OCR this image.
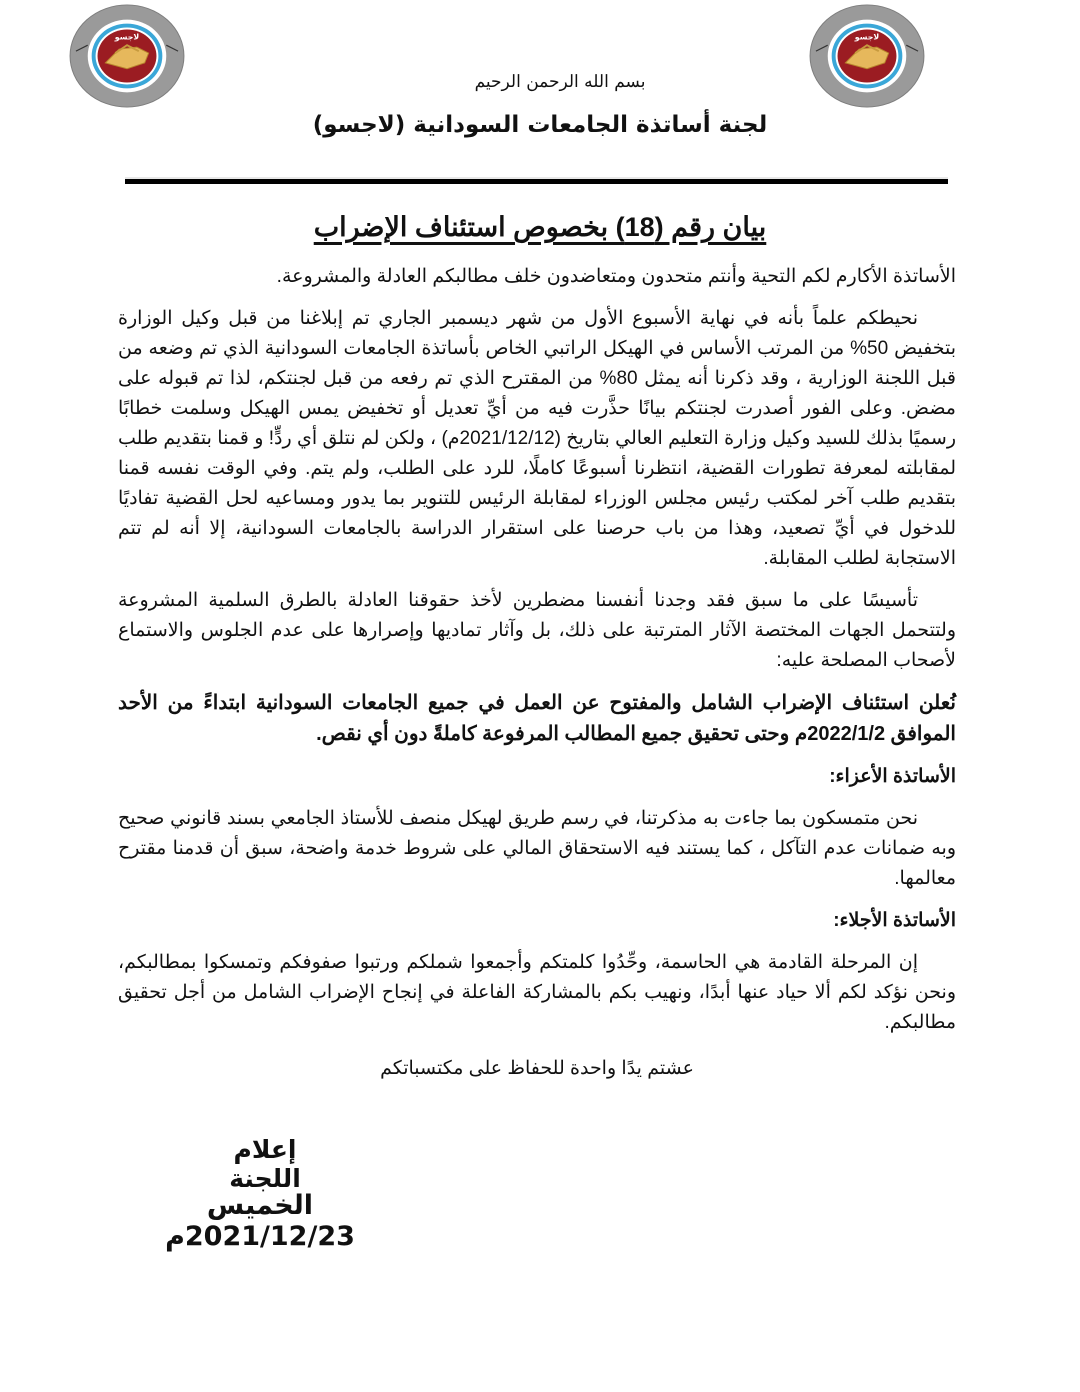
لاجسو	لاجسو
بسم الله الرحمن الرحيم
لجنة أساتذة الجامعات السودانية (لاجسو)
بيان رقم (18) بخصوص استئناف الإضراب

الأساتذة الأكارم لكم التحية وأنتم متحدون ومتعاضدون خلف مطالبكم العادلة والمشروعة.

نحيطكم علماً بأنه في نهاية الأسبوع الأول من شهر ديسمبر الجاري تم إبلاغنا من قبل وكيل الوزارة بتخفيض 50% من المرتب الأساس في الهيكل الراتبي الخاص بأساتذة الجامعات السودانية الذي تم وضعه من قبل اللجنة الوزارية ، وقد ذكرنا أنه يمثل 80% من المقترح الذي تم رفعه من قبل لجنتكم، لذا تم قبوله على مضض. وعلى الفور أصدرت لجنتكم بيانًا حذَّرت فيه من أيِّ تعديل أو تخفيض يمس الهيكل وسلمت خطابًا رسميًا بذلك للسيد وكيل وزارة التعليم العالي بتاريخ (2021/12/12م) ، ولكن لم نتلق أي ردٍّ! و قمنا بتقديم طلب لمقابلته لمعرفة تطورات القضية، انتظرنا أسبوعًا كاملًا، للرد على الطلب، ولم يتم. وفي الوقت نفسه قمنا بتقديم طلب آخر لمكتب رئيس مجلس الوزراء لمقابلة الرئيس للتنوير بما يدور ومساعيه لحل القضية تفاديًا للدخول في أيِّ تصعيد، وهذا من باب حرصنا على استقرار الدراسة بالجامعات السودانية، إلا أنه لم تتم الاستجابة لطلب المقابلة.

تأسيسًا على ما سبق فقد وجدنا أنفسنا مضطرين لأخذ حقوقنا العادلة بالطرق السلمية المشروعة ولتتحمل الجهات المختصة الآثار المترتبة على ذلك، بل وآثار تماديها وإصرارها على عدم الجلوس والاستماع لأصحاب المصلحة عليه:

نُعلن استئناف الإضراب الشامل والمفتوح عن العمل في جميع الجامعات السودانية ابتداءً من الأحد الموافق 2022/1/2م وحتى تحقيق جميع المطالب المرفوعة كاملةً دون أي نقص.

الأساتذة الأعزاء:

نحن متمسكون بما جاءت به مذكرتنا، في رسم طريق لهيكل منصف للأستاذ الجامعي بسند قانوني صحيح وبه ضمانات عدم التآكل ، كما يستند فيه الاستحقاق المالي على شروط خدمة واضحة، سبق أن قدمنا مقترح معالمها.

الأساتذة الأجلاء:

إن المرحلة القادمة هي الحاسمة، وحِّدُوا كلمتكم وأجمعوا شملكم ورتبوا صفوفكم وتمسكوا بمطالبكم، ونحن نؤكد لكم ألا حياد عنها أبدًا، ونهيب بكم بالمشاركة الفاعلة في إنجاح الإضراب الشامل من أجل تحقيق مطالبكم.

عشتم يدًا واحدة للحفاظ على مكتسباتكم

إعلام اللجنة
الخميس 2021/12/23م
